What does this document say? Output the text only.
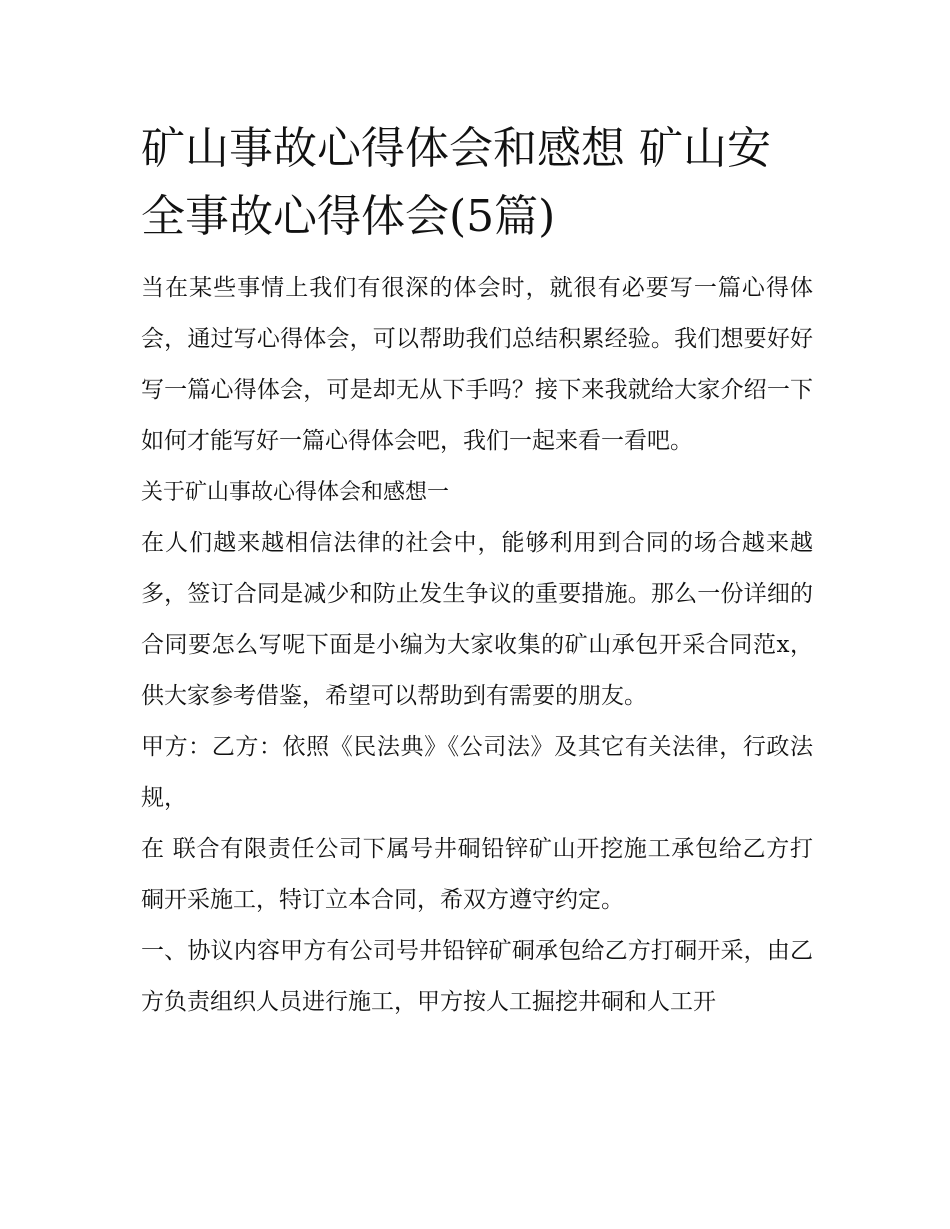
矿山事故心得体会和感想 矿山安全事故心得体会(5篇)

当在某些事情上我们有很深的体会时，就很有必要写一篇心得体会，通过写心得体会，可以帮助我们总结积累经验。我们想要好好写一篇心得体会，可是却无从下手吗？接下来我就给大家介绍一下如何才能写好一篇心得体会吧，我们一起来看一看吧。

关于矿山事故心得体会和感想一

在人们越来越相信法律的社会中，能够利用到合同的场合越来越多，签订合同是减少和防止发生争议的重要措施。那么一份详细的合同要怎么写呢下面是小编为大家收集的矿山承包开采合同范x，供大家参考借鉴，希望可以帮助到有需要的朋友。

甲方：乙方：依照《民法典》《公司法》及其它有关法律，行政法规，

在 联合有限责任公司下属号井硐铅锌矿山开挖施工承包给乙方打硐开采施工，特订立本合同，希双方遵守约定。

一、协议内容甲方有公司号井铅锌矿硐承包给乙方打硐开采，由乙方负责组织人员进行施工，甲方按人工掘挖井硐和人工开
